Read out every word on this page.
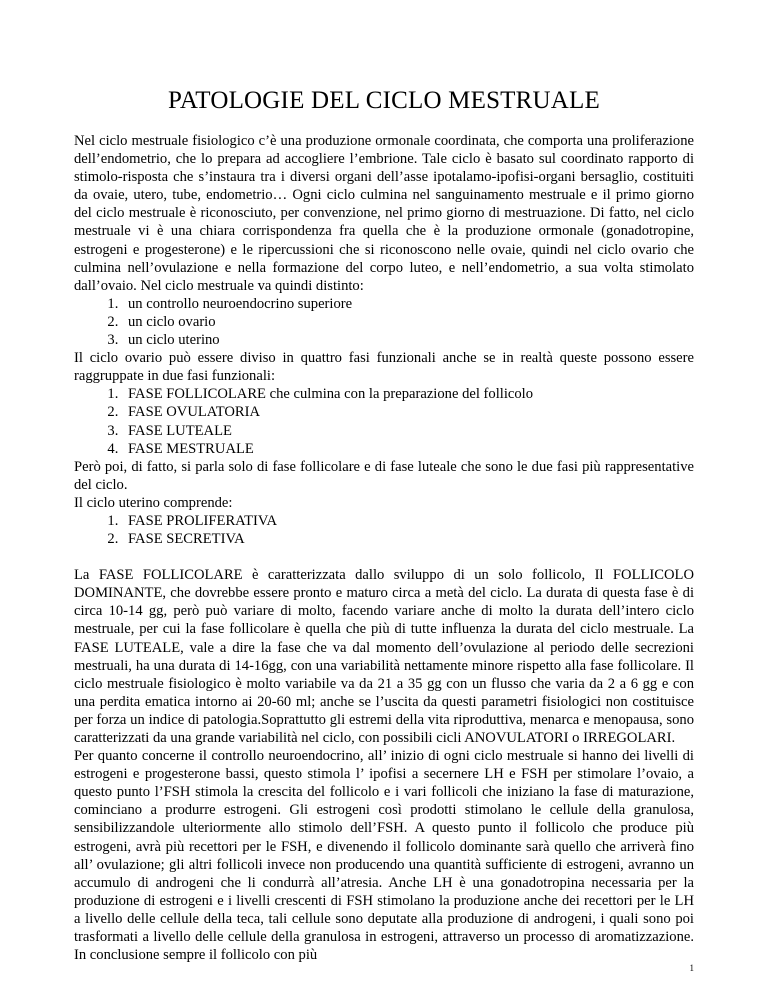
PATOLOGIE DEL CICLO MESTRUALE

Nel ciclo mestruale fisiologico c’è una produzione ormonale coordinata, che comporta una proliferazione dell’endometrio, che lo prepara ad accogliere l’embrione. Tale ciclo è basato sul coordinato rapporto di stimolo-risposta che s’instaura tra i diversi organi dell’asse ipotalamo-ipofisi-organi bersaglio, costituiti da ovaie, utero, tube, endometrio… Ogni ciclo culmina nel sanguinamento mestruale e il primo giorno del ciclo mestruale è riconosciuto, per convenzione, nel primo giorno di mestruazione. Di fatto, nel ciclo mestruale vi è una chiara corrispondenza fra quella che è la produzione ormonale (gonadotropine, estrogeni e progesterone) e le ripercussioni che si riconoscono nelle ovaie, quindi nel ciclo ovario che culmina nell’ovulazione e nella formazione del corpo luteo, e nell’endometrio, a sua volta stimolato dall’ovaio. Nel ciclo mestruale va quindi distinto:

1. un controllo neuroendocrino superiore
2. un ciclo ovario
3. un ciclo uterino

Il ciclo ovario può essere diviso in quattro fasi funzionali anche se in realtà queste possono essere raggruppate in due fasi funzionali:

1. FASE FOLLICOLARE che culmina con la preparazione del follicolo
2. FASE OVULATORIA
3. FASE LUTEALE
4. FASE MESTRUALE

Però poi, di fatto, si parla solo di fase follicolare e di fase luteale che sono le due fasi più rappresentative del ciclo.

Il ciclo uterino comprende:

1. FASE PROLIFERATIVA
2. FASE SECRETIVA

La FASE FOLLICOLARE è caratterizzata dallo sviluppo di un solo follicolo, Il FOLLICOLO DOMINANTE, che dovrebbe essere pronto e maturo circa a metà del ciclo. La durata di questa fase è di circa 10-14 gg, però può variare di molto, facendo variare anche di molto la durata dell’intero ciclo mestruale, per cui la fase follicolare è quella che più di tutte influenza la durata del ciclo mestruale. La FASE LUTEALE, vale a dire la fase che va dal momento dell’ovulazione al periodo delle secrezioni mestruali, ha una durata di 14-16gg, con una variabilità nettamente minore rispetto alla fase follicolare. Il ciclo mestruale fisiologico è molto variabile va da 21 a 35 gg con un flusso che varia da 2 a 6 gg e con una perdita ematica intorno ai 20-60 ml; anche se l’uscita da questi parametri fisiologici non costituisce per forza un indice di patologia.Soprattutto gli estremi della vita riproduttiva, menarca e menopausa, sono caratterizzati da una grande variabilità nel ciclo, con possibili cicli ANOVULATORI o IRREGOLARI.

Per quanto concerne il controllo neuroendocrino, all’ inizio di ogni ciclo mestruale si hanno dei livelli di estrogeni e progesterone bassi, questo stimola l’ ipofisi a secernere LH e FSH per stimolare l’ovaio, a questo punto l’FSH stimola la crescita del follicolo e i vari follicoli che iniziano la fase di maturazione, cominciano a produrre estrogeni. Gli estrogeni così prodotti stimolano le cellule della granulosa, sensibilizzandole ulteriormente allo stimolo dell’FSH. A questo punto il follicolo che produce più estrogeni, avrà più recettori per le FSH, e divenendo il follicolo dominante sarà quello che arriverà fino all’ ovulazione; gli altri follicoli invece non producendo una quantità sufficiente di estrogeni, avranno un accumulo di androgeni che li condurrà all’atresia. Anche LH è una gonadotropina necessaria per la produzione di estrogeni e i livelli crescenti di FSH stimolano la produzione anche dei recettori per le LH a livello delle cellule della teca, tali cellule sono deputate alla produzione di androgeni, i quali sono poi trasformati a livello delle cellule della granulosa in estrogeni, attraverso un processo di aromatizzazione. In conclusione sempre il follicolo con più

1
